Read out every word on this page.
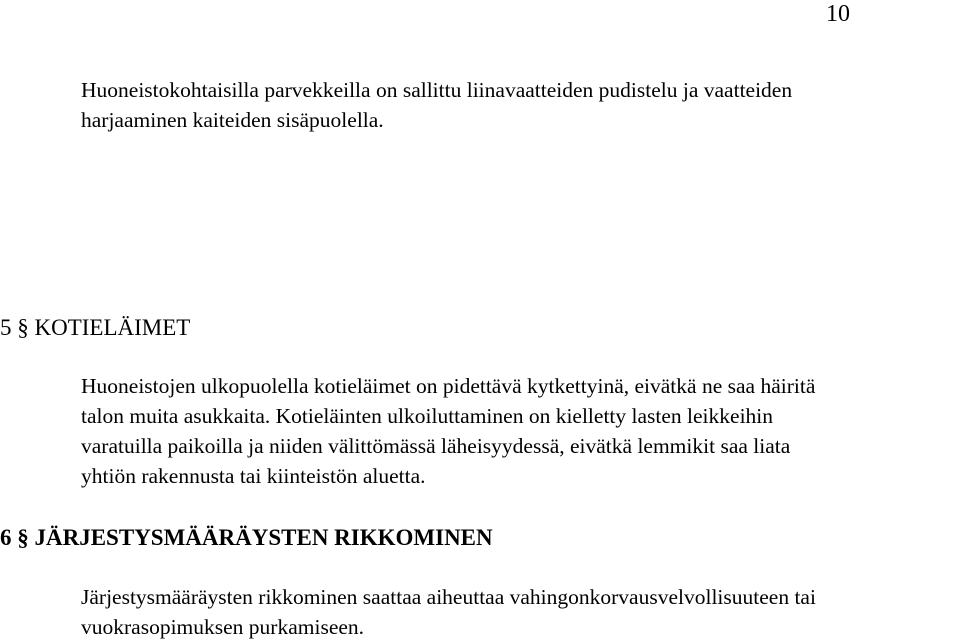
10

Huoneistokohtaisilla parvekkeilla on sallittu liinavaatteiden pudistelu ja vaatteiden
harjaaminen kaiteiden sisäpuolella.

5 § KOTIELÄIMET

Huoneistojen ulkopuolella kotieläimet on pidettävä kytkettyinä, eivätkä ne saa häiritä
talon muita asukkaita. Kotieläinten ulkoiluttaminen on kielletty lasten leikkeihin
varatuilla paikoilla ja niiden välittömässä läheisyydessä, eivätkä lemmikit saa liata
yhtiön rakennusta tai kiinteistön aluetta.

6 § JÄRJESTYSMÄÄRÄYSTEN RIKKOMINEN

Järjestysmääräysten rikkominen saattaa aiheuttaa vahingonkorvausvelvollisuuteen tai
vuokrasopimuksen purkamiseen.
